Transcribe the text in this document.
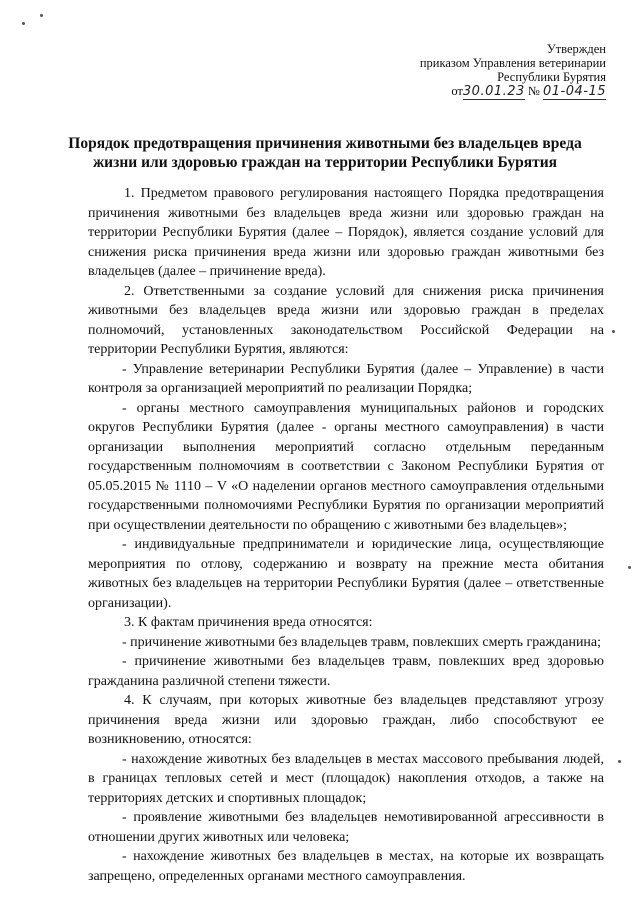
Утвержден
приказом Управления ветеринарии
Республики Бурятия
от30.01.23 № 01-04-15
Порядок предотвращения причинения животными без владельцев вреда жизни или здоровью граждан на территории Республики Бурятия

1. Предметом правового регулирования настоящего Порядка предотвращения причинения животными без владельцев вреда жизни или здоровью граждан на территории Республики Бурятия (далее – Порядок), является создание условий для снижения риска причинения вреда жизни или здоровью граждан животными без владельцев (далее – причинение вреда).

2. Ответственными за создание условий для снижения риска причинения животными без владельцев вреда жизни или здоровью граждан в пределах полномочий, установленных законодательством Российской Федерации на территории Республики Бурятия, являются:

- Управление ветеринарии Республики Бурятия (далее – Управление) в части контроля за организацией мероприятий по реализации Порядка;

- органы местного самоуправления муниципальных районов и городских округов Республики Бурятия (далее - органы местного самоуправления) в части организации выполнения мероприятий согласно отдельным переданным государственным полномочиям в соответствии с Законом Республики Бурятия от 05.05.2015 № 1110 – V «О наделении органов местного самоуправления отдельными государственными полномочиями Республики Бурятия по организации мероприятий при осуществлении деятельности по обращению с животными без владельцев»;

- индивидуальные предприниматели и юридические лица, осуществляющие мероприятия по отлову, содержанию и возврату на прежние места обитания животных без владельцев на территории Республики Бурятия (далее – ответственные организации).

3. К фактам причинения вреда относятся:

- причинение животными без владельцев травм, повлекших смерть гражданина;

- причинение животными без владельцев травм, повлекших вред здоровью гражданина различной степени тяжести.

4. К случаям, при которых животные без владельцев представляют угрозу причинения вреда жизни или здоровью граждан, либо способствуют ее возникновению, относятся:

- нахождение животных без владельцев в местах массового пребывания людей, в границах тепловых сетей и мест (площадок) накопления отходов, а также на территориях детских и спортивных площадок;

- проявление животными без владельцев немотивированной агрессивности в отношении других животных или человека;

- нахождение животных без владельцев в местах, на которые их возвращать запрещено, определенных органами местного самоуправления.
